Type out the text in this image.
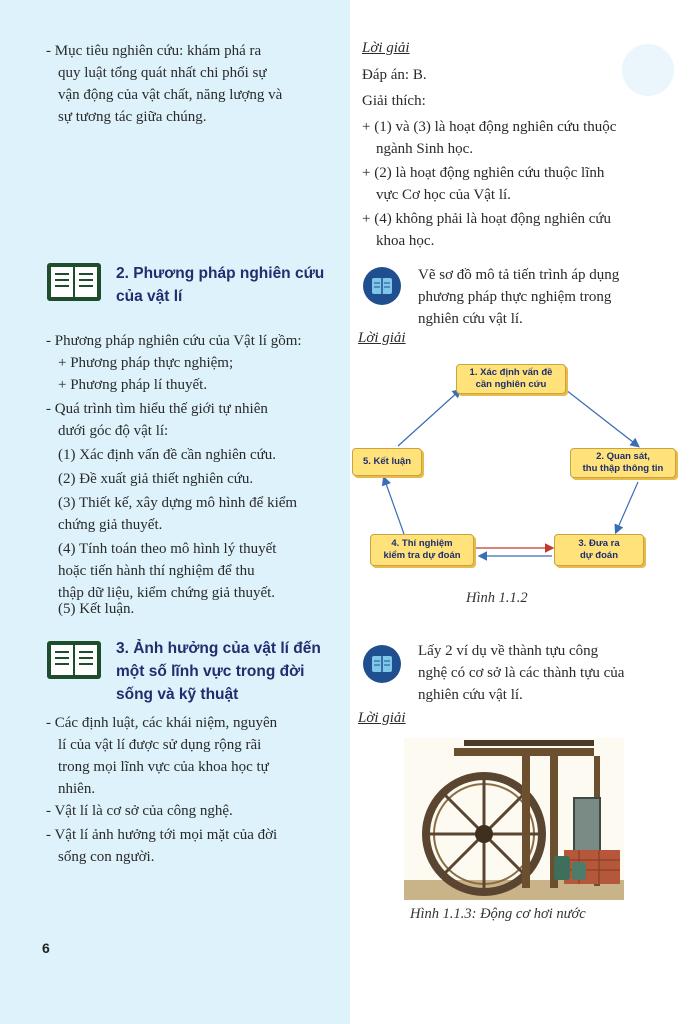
- Mục tiêu nghiên cứu: khám phá ra
quy luật tổng quát nhất chi phối sự
vận động của vật chất, năng lượng và
sự tương tác giữa chúng.
2. Phương pháp nghiên cứu
của vật lí
- Phương pháp nghiên cứu của Vật lí gồm:
+ Phương pháp thực nghiệm;
+ Phương pháp lí thuyết.
- Quá trình tìm hiểu thế giới tự nhiên
dưới góc độ vật lí:
(1) Xác định vấn đề cần nghiên cứu.
(2) Đề xuất giả thiết nghiên cứu.
(3) Thiết kế, xây dựng mô hình để kiểm
chứng giả thuyết.
(4) Tính toán theo mô hình lý thuyết
hoặc tiến hành thí nghiệm để thu
thập dữ liệu, kiểm chứng giả thuyết.
(5) Kết luận.
3. Ảnh hưởng của vật lí đến
một số lĩnh vực trong đời
sống và kỹ thuật
- Các định luật, các khái niệm, nguyên
lí của vật lí được sử dụng rộng rãi
trong mọi lĩnh vực của khoa học tự
nhiên.
- Vật lí là cơ sở của công nghệ.
- Vật lí ảnh hưởng tới mọi mặt của đời
sống con người.
6
Lời giải
Đáp án: B.
Giải thích:
+ (1) và (3) là hoạt động nghiên cứu thuộc
ngành Sinh học.
+ (2) là hoạt động nghiên cứu thuộc lĩnh
vực Cơ học của Vật lí.
+ (4) không phải là hoạt động nghiên cứu
khoa học.
Vẽ sơ đồ mô tả tiến trình áp dụng
phương pháp thực nghiệm trong
nghiên cứu vật lí.
Lời giải
1. Xác định vấn đề
cần nghiên cứu
2. Quan sát,
thu thập thông tin
3. Đưa ra
dự đoán
4. Thí nghiệm
kiểm tra dự đoán
5. Kết luận
Hình 1.1.2
Lấy 2 ví dụ về thành tựu công
nghệ có cơ sở là các thành tựu của
nghiên cứu vật lí.
Lời giải
Hình 1.1.3: Động cơ hơi nước
